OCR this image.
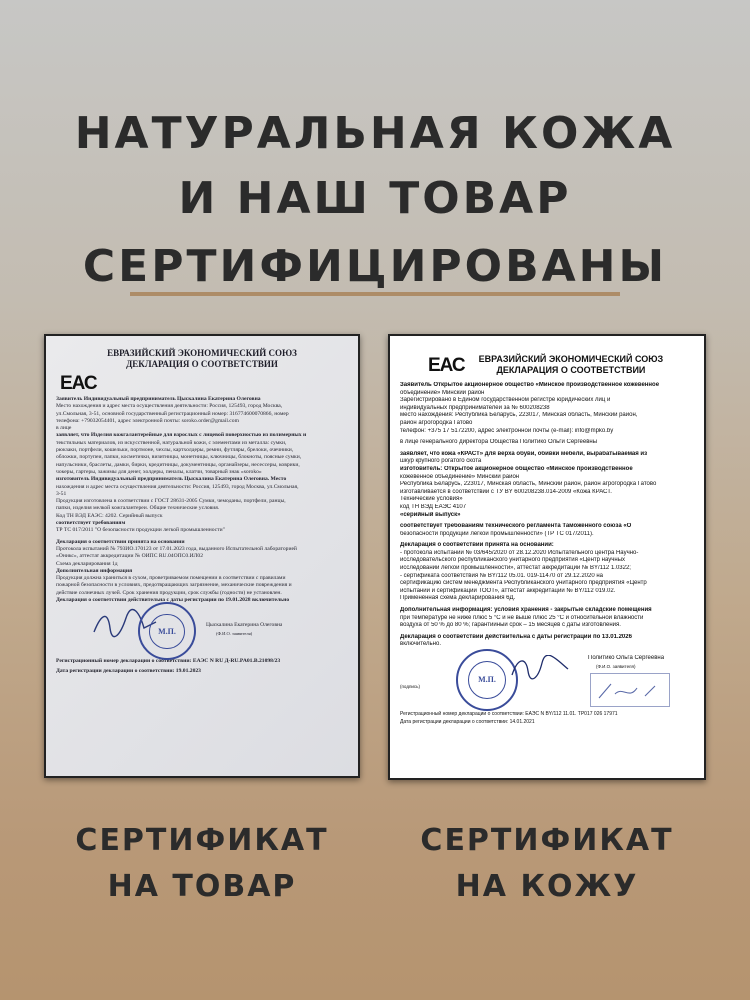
НАТУРАЛЬНАЯ КОЖА
И НАШ ТОВАР
СЕРТИФИЦИРОВАНЫ
ЕВРАЗИЙСКИЙ ЭКОНОМИЧЕСКИЙ СОЮЗ
ДЕКЛАРАЦИЯ О СООТВЕТСТВИИ
ЕАС
Заявитель Индивидуальный предприниматель Цыскалина Екатерина Олеговна
Место нахождения и адрес места осуществления деятельности: Россия, 125493, город Москва,
ул.Смольная, 3-51, основной государственный регистрационный номер: 316774600070866, номер
телефона: +79032054401, адрес электронной почты: soroko.order@gmail.com
в лице
заявляет, что Изделия кожгалантерейные для взрослых с лицевой поверхностью из полимерных и
текстильных материалов, из искусственной, натуральной кожи, с элементами из металла: сумки,
рюкзаки, портфели, кошельки, портмоне, чехлы, картхолдеры, ремни, футляры, брелоки, очечники,
обложки, портупеи, папки, косметички, визитницы, монетницы, ключницы, блокноты, поясные сумки,
напульсники, браслеты, дамки, бирки, кредитницы, документницы, органайзеры, несессеры, коврики,
чокеры, гартеры, зажимы для денег, холдеры, пеналы, клатчи, товарный знак «soroko»
изготовитель Индивидуальный предприниматель Цыскалина Екатерина Олеговна. Место
нахождения и адрес места осуществления деятельности: Россия, 125493, город Москва, ул.Смольная,
3-51
Продукция изготовлена в соответствии с ГОСТ 28631-2005 Сумки, чемоданы, портфели, ранцы,
папки, изделия мелкой кожгалантереи. Общие технические условия.
Код ТН ВЭД ЕАЭС: 4202. Серийный выпуск
соответствует требованиям
ТР ТС 017/2011 "О безопасности продукции легкой промышленности"
Декларация о соответствии принята на основании
Протокола испытаний № 793ИО.170123 от 17.01.2023 года, выданного Испытательной лабораторией
«Оникс», аттестат аккредитации № ОИПС RU.04ОПС0.ИЛ02
Схема декларирования 1д
Дополнительная информация
Продукция должна храниться в сухом, проветриваемом помещении в соответствии с правилами
пожарной безопасности в условиях, предотвращающих загрязнение, механические повреждения и
действие солнечных лучей. Срок хранения продукции, срок службы (годности) не установлен.
Декларация о соответствии действительна с даты регистрации по 19.01.2028 включительно
М.П.
Цыскалина Екатерина Олеговна
(Ф.И.О. заявителя)
Регистрационный номер декларации о соответствии: ЕАЭС N RU Д-RU.PA01.B.21098/23
Дата регистрации декларации о соответствии: 19.01.2023
ЕАС ЕВРАЗИЙСКИЙ ЭКОНОМИЧЕСКИЙ СОЮЗ
ДЕКЛАРАЦИЯ О СООТВЕТСТВИИ
Заявитель Открытое акционерное общество «Минское производственное кожевенное
объединение» Минский район
Зарегистрировано в Едином государственном регистре юридических лиц и
индивидуальных предпринимателей за № 600208238
место нахождения: Республика Беларусь, 223017, Минская область, Минский район,
район агрогородка Гатово
телефон: +375 17 5172200, адрес электронной почты (e-mail): info@mpko.by
в лице генерального директора Общества Политико Ольги Сергеевны
заявляет, что кожа «КРАСТ» для верха обуви, обивки мебели, вырабатываемая из
шкур крупного рогатого скота
изготовитель: Открытое акционерное общество «Минское производственное
кожевенное объединение» Минский район
Республика Беларусь, 223017, Минская область, Минский район, район агрогородка Гатово
изготавливается в соответствии с ТУ BY 600208238.014-2009 «Кожа КРАСТ.
Технические условия»
код ТН ВЭД ЕАЭС 4107
«серийный выпуск»
соответствует требованиям технического регламента Таможенного союза «О
безопасности продукции легкой промышленности» (ТР ТС 017/2011).
Декларация о соответствии принята на основании:
- протокола испытаний № 03/645/2020 от 28.12.2020 Испытательного центра Научно-
исследовательского республиканского унитарного предприятия «Центр научных
исследований легкой промышленности», аттестат аккредитации № BY/112 1.0322;
- сертификата соответствия № BY/112 05.01. 019-11470 от 29.12.2020 на
сертификацию систем менеджмента Республиканского унитарного предприятия «Центр
испытаний и сертификации ТООТ», аттестат аккредитации № BY/112 019.02.
Применённая схема декларирования 6Д.
Дополнительная информация: условия хранения - закрытые складские помещения
при температуре не ниже плюс 5 °С и не выше плюс 25 °С и относительной влажности
воздуха от 50 % до 80 %; гарантийный срок – 15 месяцев с даты изготовления.
Декларация о соответствии действительна с даты регистрации по 13.01.2026
включительно.
М.П.
(подпись)
Политико Ольга Сергеевна
(Ф.И.О. заявителя)
Регистрационный номер декларации о соответствии: ЕАЭС N BY/112 11.01. ТР017 026 17971
Дата регистрации декларации о соответствии: 14.01.2021
СЕРТИФИКАТ
НА ТОВАР
СЕРТИФИКАТ
НА КОЖУ
